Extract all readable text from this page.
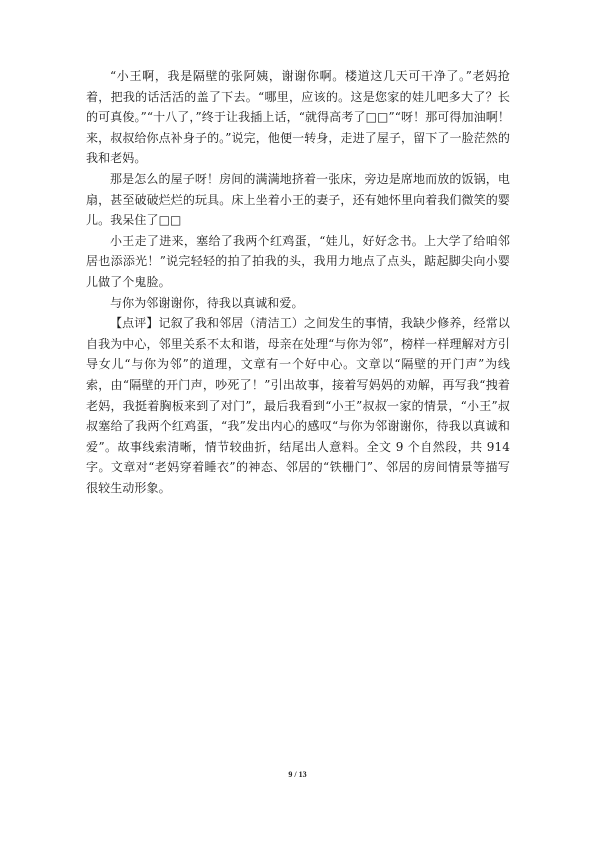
“小王啊，我是隔壁的张阿姨，谢谢你啊。楼道这几天可干净了。”老妈抢着，把我的话活活的盖了下去。“哪里，应该的。这是您家的娃儿吧多大了？长的可真俊。”“十八了，”终于让我插上话，“就得高考了□□”“呀！那可得加油啊！来，叔叔给你点补身子的。”说完，他便一转身，走进了屋子，留下了一脸茫然的我和老妈。

那是怎么的屋子呀！房间的满满地挤着一张床，旁边是席地而放的饭锅，电扇，甚至破破烂烂的玩具。床上坐着小王的妻子，还有她怀里向着我们微笑的婴儿。我呆住了□□

小王走了进来，塞给了我两个红鸡蛋，“娃儿，好好念书。上大学了给咱邻居也添添光！”说完轻轻的拍了拍我的头，我用力地点了点头，踮起脚尖向小婴儿做了个鬼脸。

与你为邻谢谢你，待我以真诚和爱。

【点评】记叙了我和邻居（清洁工）之间发生的事情，我缺少修养，经常以自我为中心，邻里关系不太和谐，母亲在处理“与你为邻”，榜样一样理解对方引导女儿“与你为邻”的道理，文章有一个好中心。文章以“隔壁的开门声”为线索，由“隔壁的开门声，吵死了！”引出故事，接着写妈妈的劝解，再写我“拽着老妈，我挺着胸板来到了对门”，最后我看到“小王”叔叔一家的情景，“小王”叔叔塞给了我两个红鸡蛋，“我”发出内心的感叹“与你为邻谢谢你，待我以真诚和爱”。故事线索清晰，情节较曲折，结尾出人意料。全文 9 个自然段，共 914 字。文章对“老妈穿着睡衣”的神态、邻居的“铁栅门”、邻居的房间情景等描写很较生动形象。

9 / 13
